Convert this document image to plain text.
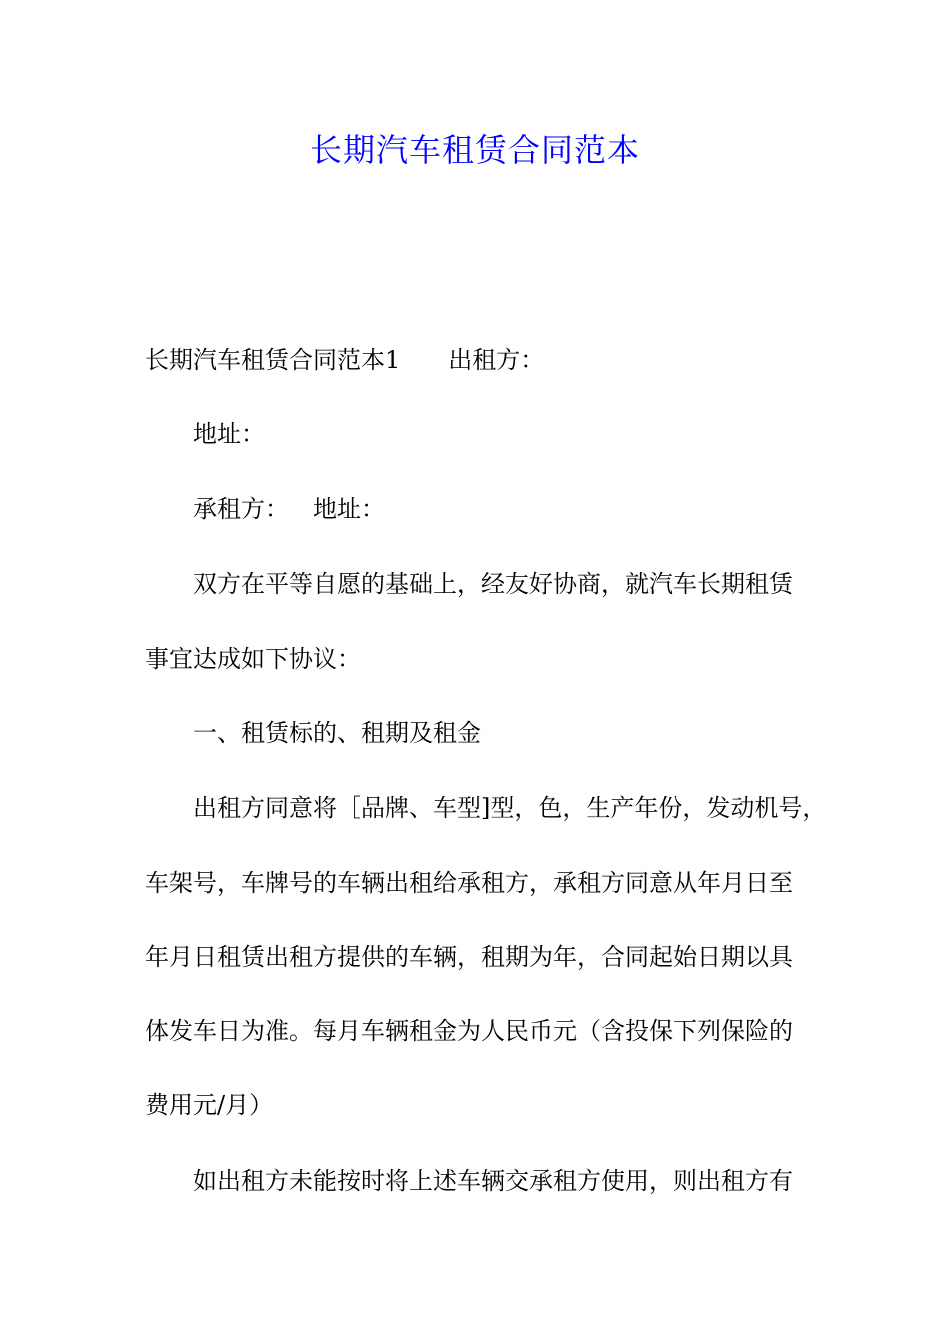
长期汽车租赁合同范本
长期汽车租赁合同范本1 出租方：
地址：
承租方： 地址：
双方在平等自愿的基础上，经友好协商，就汽车长期租赁
事宜达成如下协议：
一、租赁标的、租期及租金
出租方同意将［品牌、车型]型，色，生产年份，发动机号，
车架号，车牌号的车辆出租给承租方，承租方同意从年月日至
年月日租赁出租方提供的车辆，租期为年，合同起始日期以具
体发车日为准。每月车辆租金为人民币元（含投保下列保险的
费用元/月）
如出租方未能按时将上述车辆交承租方使用，则出租方有
